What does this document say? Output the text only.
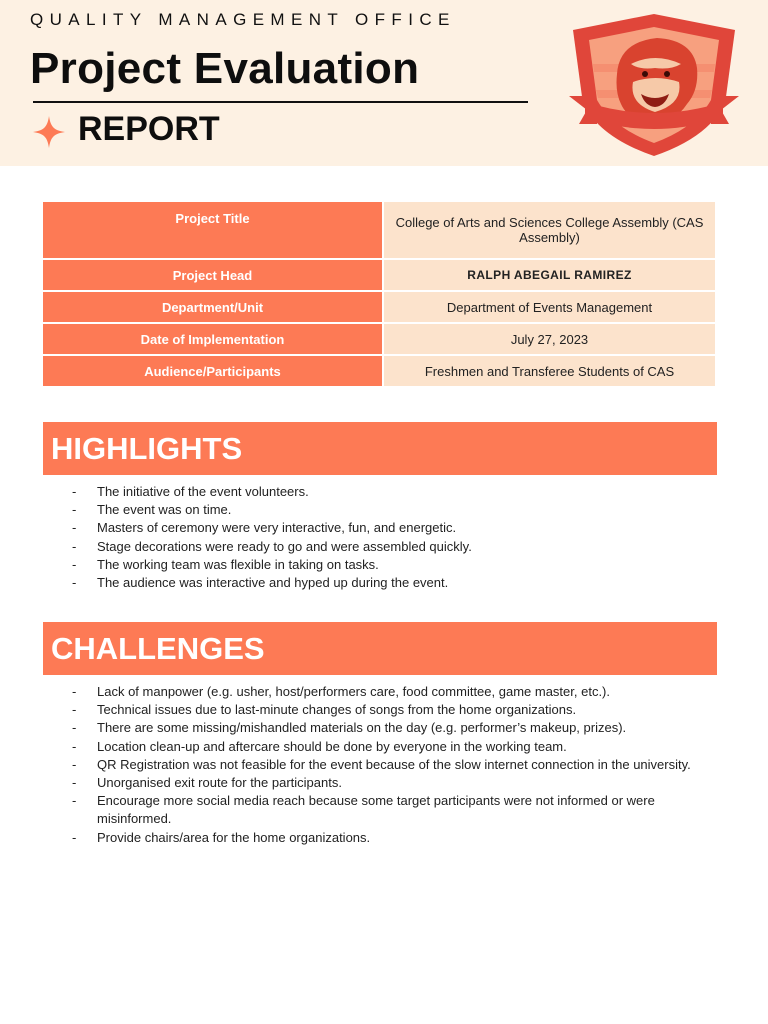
QUALITY MANAGEMENT OFFICE
Project Evaluation
REPORT
Project Title	College of Arts and Sciences College Assembly (CAS Assembly)
Project Head	RALPH ABEGAIL RAMIREZ
Department/Unit	Department of Events Management
Date of Implementation	July 27, 2023
Audience/Participants	Freshmen and Transferee Students of CAS
HIGHLIGHTS
- The initiative of the event volunteers.
- The event was on time.
- Masters of ceremony were very interactive, fun, and energetic.
- Stage decorations were ready to go and were assembled quickly.
- The working team was flexible in taking on tasks.
- The audience was interactive and hyped up during the event.
CHALLENGES
- Lack of manpower (e.g. usher, host/performers care, food committee, game master, etc.).
- Technical issues due to last-minute changes of songs from the home organizations.
- There are some missing/mishandled materials on the day (e.g. performer’s makeup, prizes).
- Location clean-up and aftercare should be done by everyone in the working team.
- QR Registration was not feasible for the event because of the slow internet connection in the university.
- Unorganised exit route for the participants.
- Encourage more social media reach because some target participants were not informed or were misinformed.
- Provide chairs/area for the home organizations.
